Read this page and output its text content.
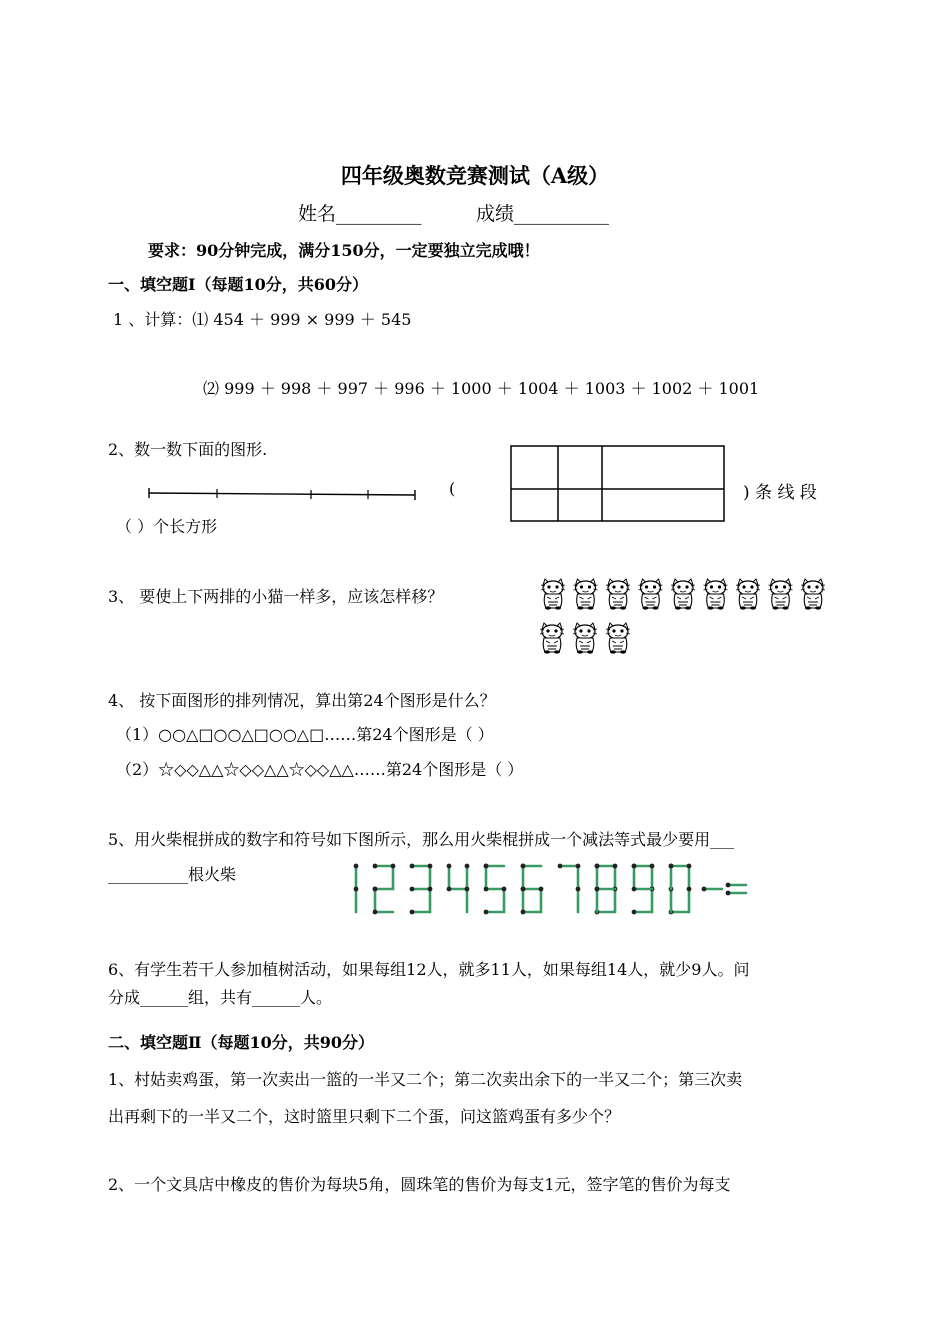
四年级奥数竞赛测试（A级）
姓名_________	成绩__________
要求：90分钟完成，满分150分，一定要独立完成哦！
一、填空题Ⅰ（每题10分，共60分）
1 、计算：⑴ 454 ＋ 999 × 999 ＋ 545
⑵ 999 ＋ 998 ＋ 997 ＋ 996 ＋ 1000 ＋ 1004 ＋ 1003 ＋ 1002 ＋ 1001
2、数一数下面的图形.
(	) 条 线 段
（ ）个长方形
3、 要使上下两排的小猫一样多，应该怎样移？
4、 按下面图形的排列情况，算出第24个图形是什么？
（1）○○△□○○△□○○△□……第24个图形是（ ）
（2）☆◇◇△△☆◇◇△△☆◇◇△△……第24个图形是（ ）
5、用火柴棍拼成的数字和符号如下图所示，那么用火柴棍拼成一个减法等式最少要用___
__________根火柴
6、有学生若干人参加植树活动，如果每组12人，就多11人，如果每组14人，就少9人。问
分成______组，共有______人。
二、填空题Ⅱ（每题10分，共90分）
1、村姑卖鸡蛋，第一次卖出一篮的一半又二个；第二次卖出余下的一半又二个；第三次卖
出再剩下的一半又二个，这时篮里只剩下二个蛋，问这篮鸡蛋有多少个？
2、一个文具店中橡皮的售价为每块5角，圆珠笔的售价为每支1元，签字笔的售价为每支
